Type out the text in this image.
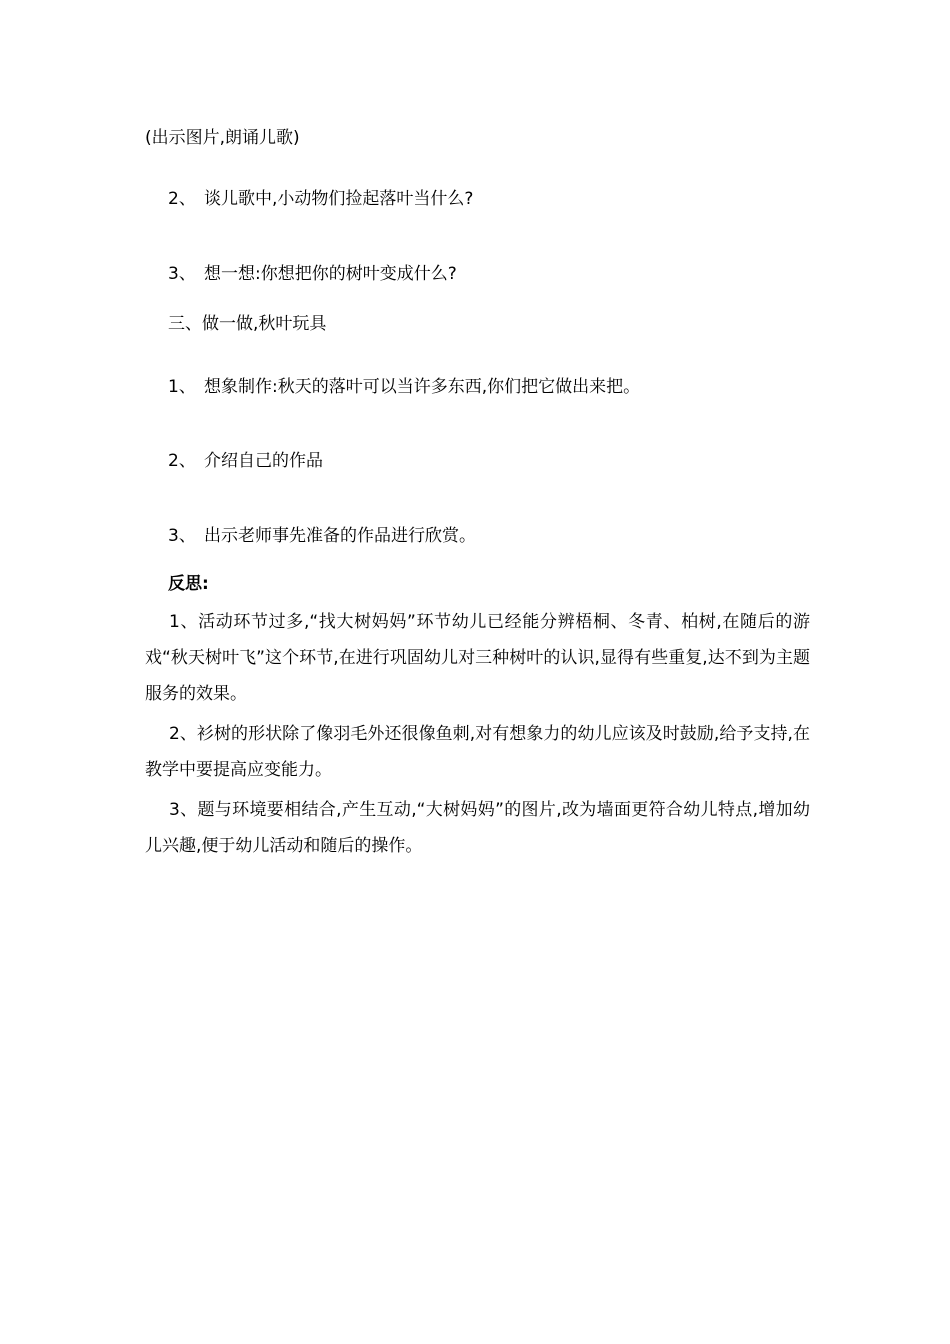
(出示图片,朗诵儿歌)
2、 谈儿歌中,小动物们捡起落叶当什么?
3、 想一想:你想把你的树叶变成什么?
三、做一做,秋叶玩具
1、 想象制作:秋天的落叶可以当许多东西,你们把它做出来把。
2、 介绍自己的作品
3、 出示老师事先准备的作品进行欣赏。
反思:
1、活动环节过多,“找大树妈妈”环节幼儿已经能分辨梧桐、冬青、柏树,在随后的游戏“秋天树叶飞”这个环节,在进行巩固幼儿对三种树叶的认识,显得有些重复,达不到为主题服务的效果。
2、衫树的形状除了像羽毛外还很像鱼刺,对有想象力的幼儿应该及时鼓励,给予支持,在教学中要提高应变能力。
3、题与环境要相结合,产生互动,“大树妈妈”的图片,改为墙面更符合幼儿特点,增加幼儿兴趣,便于幼儿活动和随后的操作。
